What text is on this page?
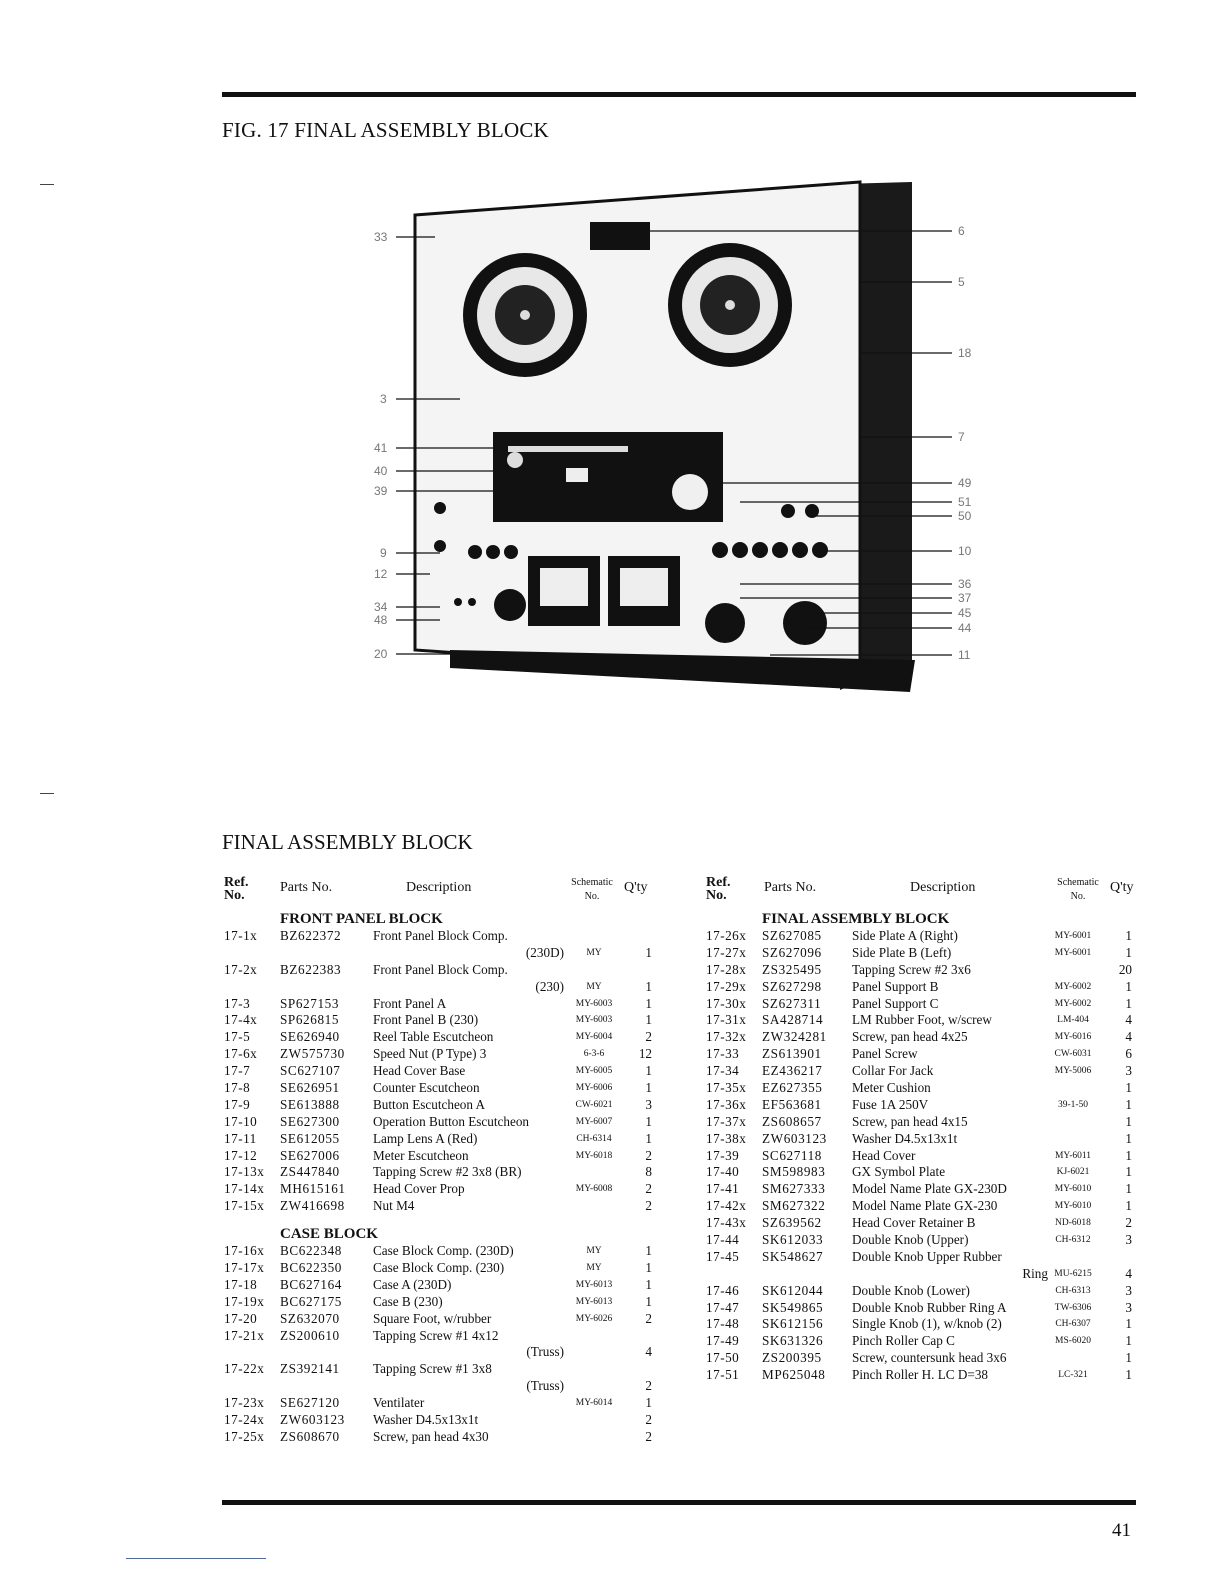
FIG. 17 FINAL ASSEMBLY BLOCK
33
3
41
40
39
9
12
34
48
20
6
5
18
7
49
51
50
10
36
37
45
44
11
FINAL ASSEMBLY BLOCK
Ref.
No.
Parts No.	Description	Schematic
No.
Q'ty
FRONT PANEL BLOCK
17-1x BZ622372 Front Panel Block Comp.
(230D)	MY	1
17-2x BZ622383 Front Panel Block Comp.
(230)	MY	1
17-3 SP627153	Front Panel A	MY-6003	1
17-4x SP626815	Front Panel B (230)	MY-6003	1
17-5 SE626940	Reel Table Escutcheon	MY-6004	2
17-6x ZW575730 Speed Nut (P Type) 3	6-3-6	12
17-7 SC627107 Head Cover Base	MY-6005	1
17-8 SE626951	Counter Escutcheon	MY-6006	1
17-9 SE613888	Button Escutcheon A	CW-6021	3
17-10 SE627300	Operation Button Escutcheon	MY-6007	1
17-11 SE612055	Lamp Lens A (Red)	CH-6314	1
17-12 SE627006	Meter Escutcheon	MY-6018	2
17-13x ZS447840	Tapping Screw #2 3x8 (BR)	8
17-14x MH615161 Head Cover Prop	MY-6008	2
17-15x ZW416698 Nut M4	2
CASE BLOCK
17-16x BC622348 Case Block Comp. (230D)	MY	1
17-17x BC622350 Case Block Comp. (230)	MY	1
17-18 BC627164 Case A (230D)	MY-6013	1
17-19x BC627175 Case B (230)	MY-6013	1
17-20 SZ632070	Square Foot, w/rubber	MY-6026	2
17-21x ZS200610	Tapping Screw #1 4x12
(Truss)	4
17-22x ZS392141	Tapping Screw #1 3x8
(Truss)	2
17-23x SE627120	Ventilater	MY-6014	1
17-24x ZW603123 Washer D4.5x13x1t	2
17-25x ZS608670	Screw, pan head 4x30	2
Ref.
No.
Parts No.	Description	Schematic
No.
Q'ty
FINAL ASSEMBLY BLOCK
17-26x SZ627085 Side Plate A (Right)	MY-6001	1
17-27x SZ627096 Side Plate B (Left)	MY-6001	1
17-28x ZS325495 Tapping Screw #2 3x6	20
17-29x SZ627298 Panel Support B	MY-6002	1
17-30x SZ627311 Panel Support C	MY-6002	1
17-31x SA428714 LM Rubber Foot, w/screw	LM-404	4
17-32x ZW324281 Screw, pan head 4x25	MY-6016	4
17-33 ZS613901 Panel Screw	CW-6031	6
17-34 EZ436217 Collar For Jack	MY-5006	3
17-35x EZ627355 Meter Cushion	1
17-36x EF563681 Fuse 1A 250V	39-1-50	1
17-37x ZS608657 Screw, pan head 4x15	1
17-38x ZW603123 Washer D4.5x13x1t	1
17-39 SC627118 Head Cover	MY-6011	1
17-40 SM598983 GX Symbol Plate	KJ-6021	1
17-41 SM627333 Model Name Plate GX-230D	MY-6010	1
17-42x SM627322 Model Name Plate GX-230	MY-6010	1
17-43x SZ639562 Head Cover Retainer B	ND-6018	2
17-44 SK612033 Double Knob (Upper)	CH-6312	3
17-45 SK548627 Double Knob Upper Rubber
Ring MU-6215	4
17-46 SK612044 Double Knob (Lower)	CH-6313	3
17-47 SK549865 Double Knob Rubber Ring A	TW-6306	3
17-48 SK612156 Single Knob (1), w/knob (2)	CH-6307	1
17-49 SK631326 Pinch Roller Cap C	MS-6020	1
17-50 ZS200395 Screw, countersunk head 3x6	1
17-51 MP625048 Pinch Roller H. LC D=38	LC-321	1
41
